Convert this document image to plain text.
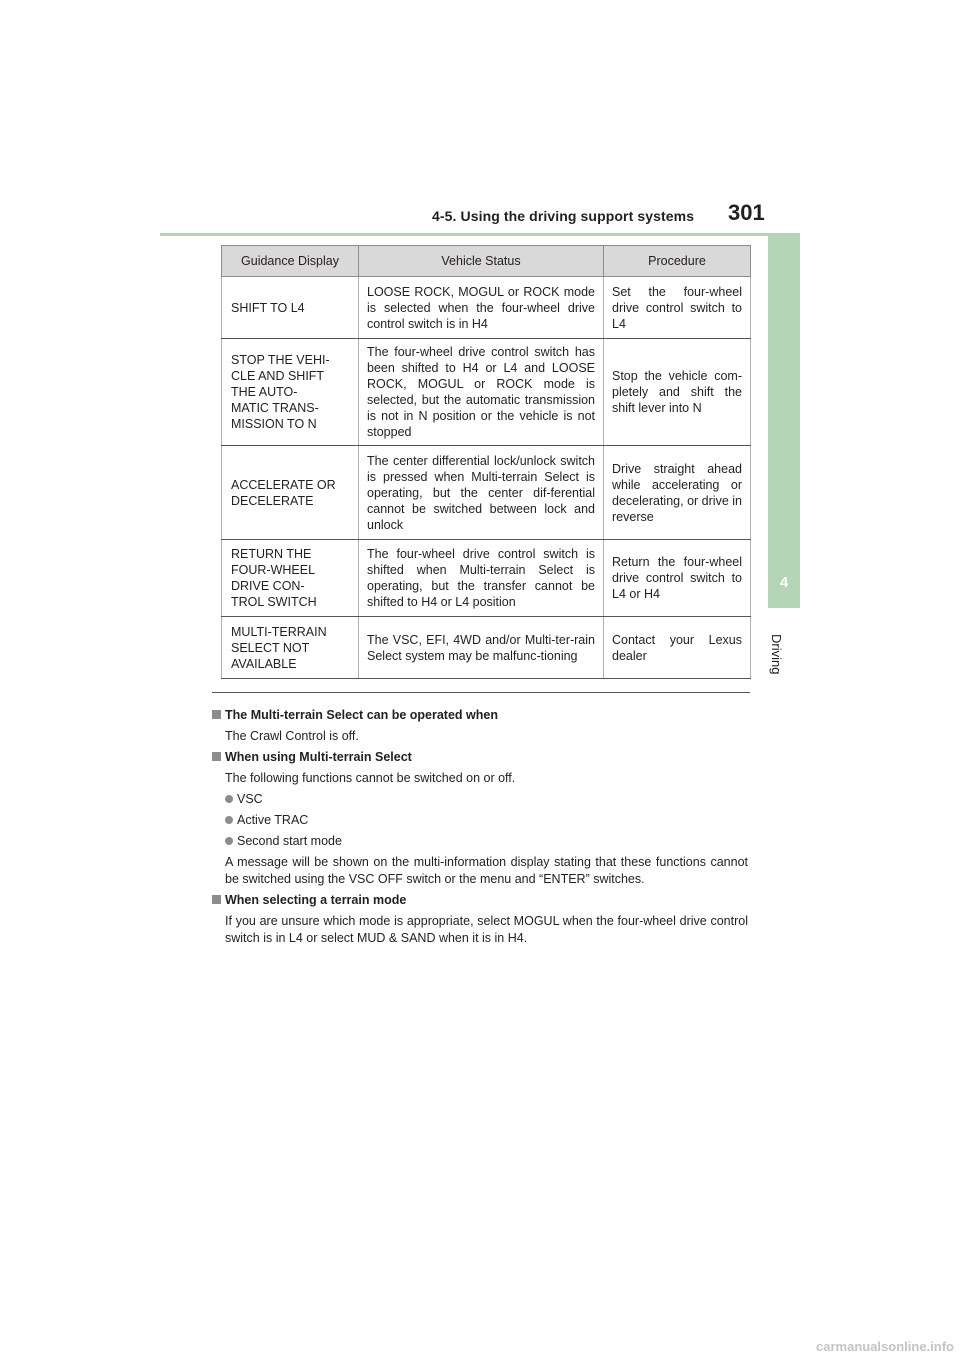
4-5. Using the driving support systems 301
4
Driving
Guidance Display	Vehicle Status	Procedure

SHIFT TO L4	LOOSE ROCK, MOGUL or ROCK mode is selected when the four-wheel drive control switch is in H4	Set the four-wheel drive control switch to L4

STOP THE VEHI-
CLE AND SHIFT
THE AUTO-
MATIC TRANS-
MISSION TO N	The four-wheel drive control switch has been shifted to H4 or L4 and LOOSE ROCK, MOGUL or ROCK mode is selected, but the automatic transmission is not in N position or the vehicle is not stopped	Stop the vehicle com-pletely and shift the shift lever into N

ACCELERATE OR
DECELERATE	The center differential lock/unlock switch is pressed when Multi-terrain Select is operating, but the center dif-ferential cannot be switched between lock and unlock	Drive straight ahead while accelerating or decelerating, or drive in reverse

RETURN THE
FOUR-WHEEL
DRIVE CON-
TROL SWITCH	The four-wheel drive control switch is shifted when Multi-terrain Select is operating, but the transfer cannot be shifted to H4 or L4 position	Return the four-wheel drive control switch to L4 or H4

MULTI-TERRAIN
SELECT NOT
AVAILABLE	The VSC, EFI, 4WD and/or Multi-ter-rain Select system may be malfunc-tioning	Contact your Lexus dealer
The Multi-terrain Select can be operated when
The Crawl Control is off.
When using Multi-terrain Select
The following functions cannot be switched on or off.
VSC
Active TRAC
Second start mode
A message will be shown on the multi-information display stating that these functions cannot be switched using the VSC OFF switch or the menu and “ENTER” switches.
When selecting a terrain mode
If you are unsure which mode is appropriate, select MOGUL when the four-wheel drive control switch is in L4 or select MUD & SAND when it is in H4.
carmanualsonline.info
